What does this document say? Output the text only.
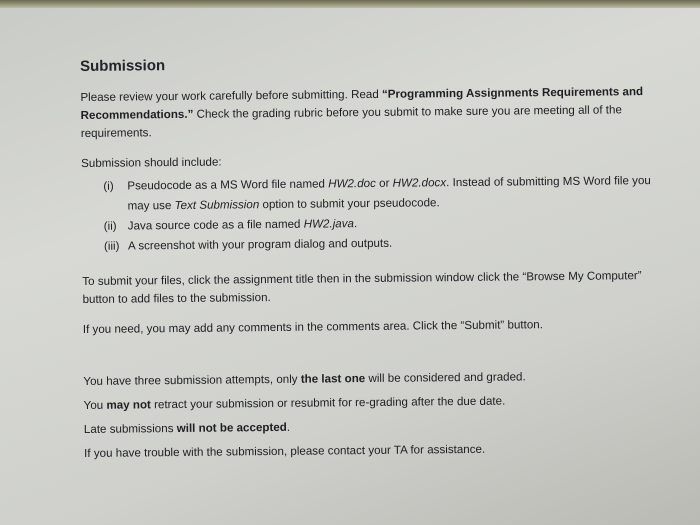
Submission

Please review your work carefully before submitting. Read “Programming Assignments Requirements and Recommendations.” Check the grading rubric before you submit to make sure you are meeting all of the requirements.

Submission should include:

(i)	Pseudocode as a MS Word file named HW2.doc or HW2.docx. Instead of submitting MS Word file you may use Text Submission option to submit your pseudocode.
(ii) Java source code as a file named HW2.java.
(iii) A screenshot with your program dialog and outputs.

To submit your files, click the assignment title then in the submission window click the “Browse My Computer” button to add files to the submission.

If you need, you may add any comments in the comments area. Click the “Submit” button.

You have three submission attempts, only the last one will be considered and graded.

You may not retract your submission or resubmit for re-grading after the due date.

Late submissions will not be accepted.

If you have trouble with the submission, please contact your TA for assistance.
